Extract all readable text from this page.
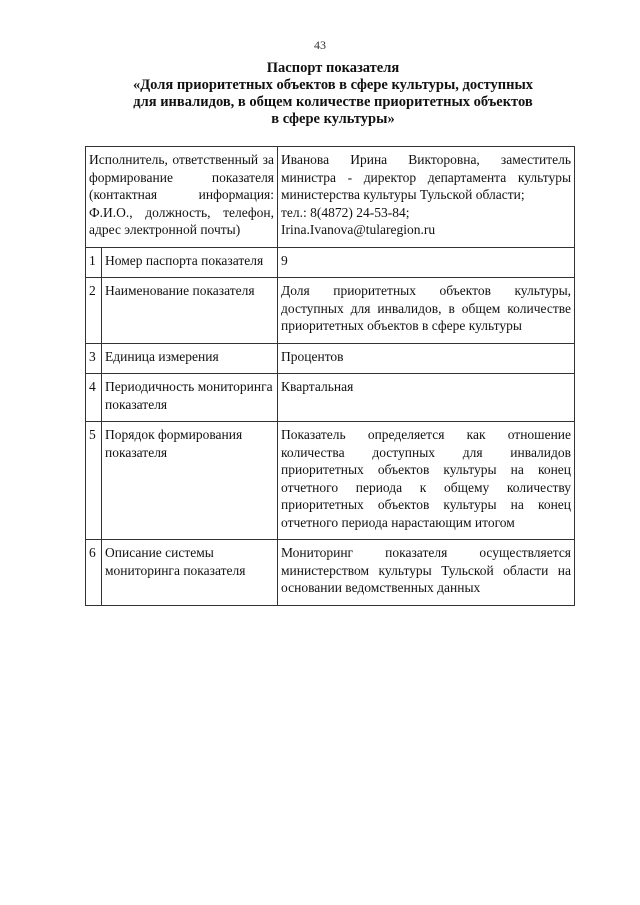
43
Паспорт показателя
«Доля приоритетных объектов в сфере культуры, доступных
для инвалидов, в общем количестве приоритетных объектов
в сфере культуры»
Исполнитель, ответственный за формирование показателя (контактная информация: Ф.И.О., должность, телефон, адрес электронной почты)		Иванова Ирина Викторовна, заместитель министра - директор департамента культуры министерства культуры Тульской области;
тел.: 8(4872) 24-53-84;
Irina.Ivanova@tularegion.ru

1	Номер паспорта показателя	9
2	Наименование показателя	Доля приоритетных объектов культуры, доступных для инвалидов, в общем количестве приоритетных объектов в сфере культуры
3	Единица измерения	Процентов
4	Периодичность мониторинга показателя	Квартальная
5	Порядок формирования показателя	Показатель определяется как отношение количества доступных для инвалидов приоритетных объектов культуры на конец отчетного периода к общему количеству приоритетных объектов культуры на конец отчетного периода нарастающим итогом
6	Описание системы мониторинга показателя	Мониторинг показателя осуществляется министерством культуры Тульской области на основании ведомственных данных
